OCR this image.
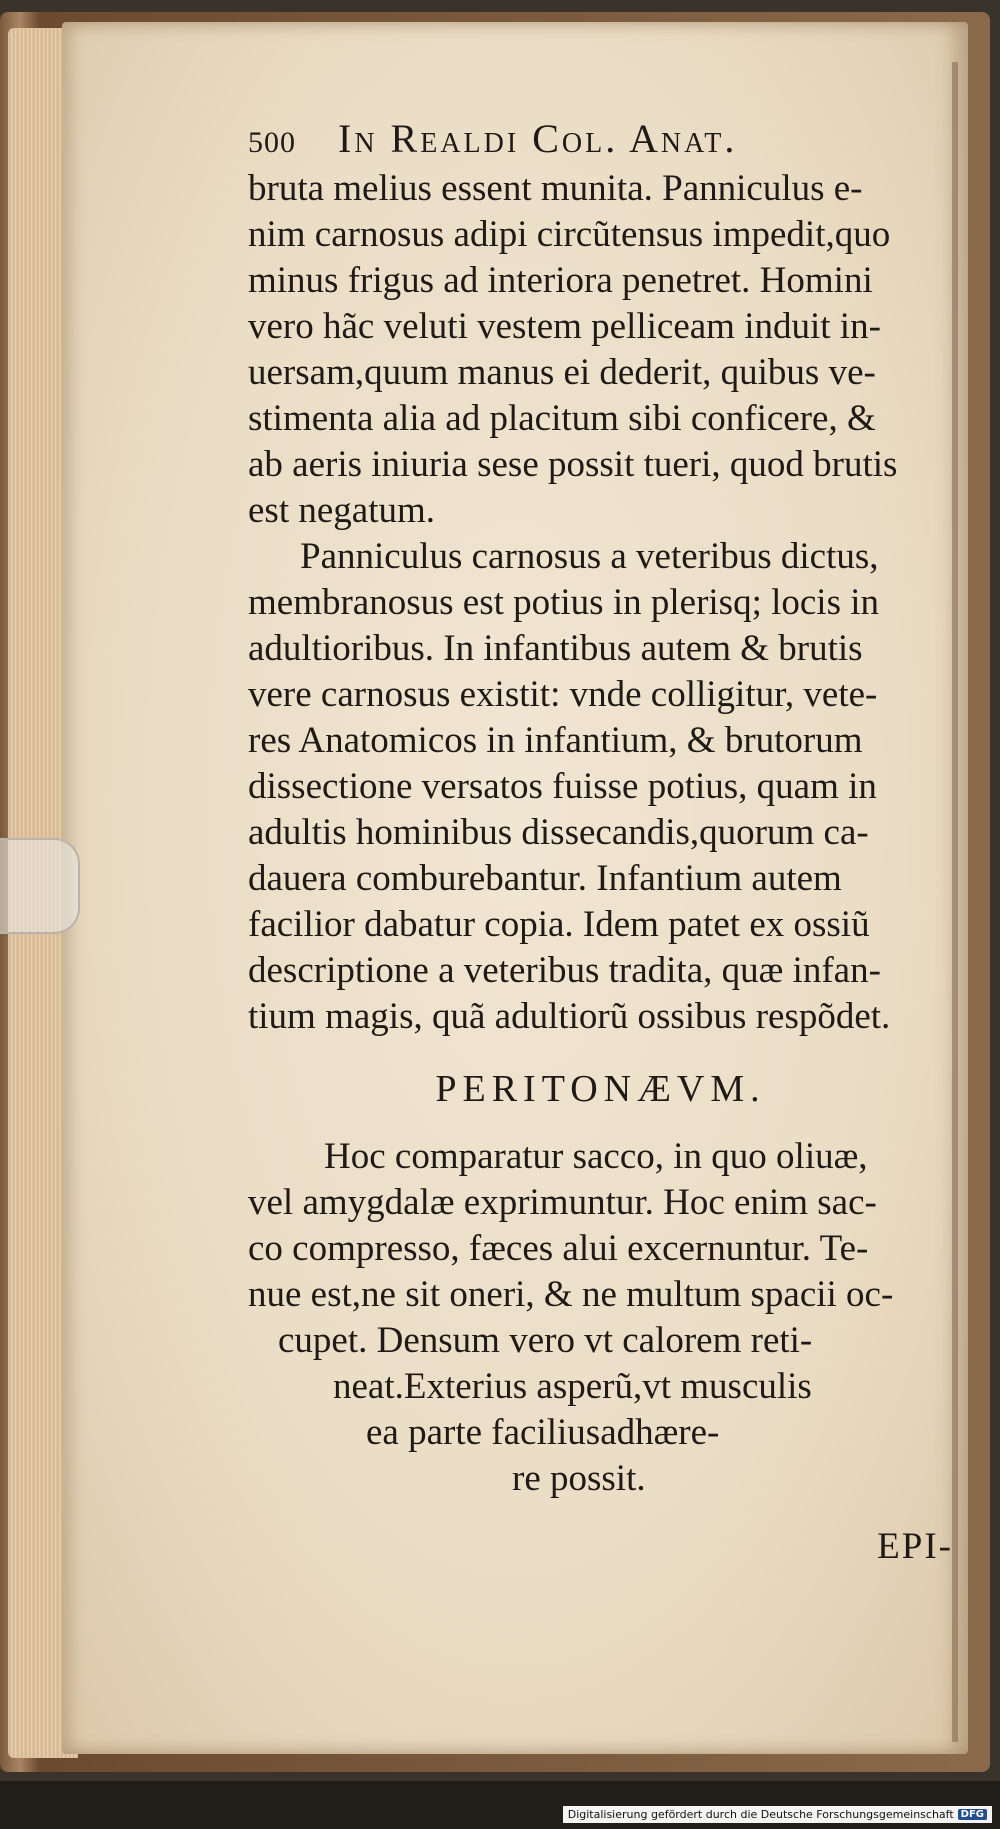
500	In Realdi Col. Anat.
bruta melius essent munita. Panniculus e-
nim carnosus adipi circũtensus impedit,quo
minus frigus ad interiora penetret. Homini
vero hãc veluti vestem pelliceam induit in-
uersam,quum manus ei dederit, quibus ve-
stimenta alia ad placitum sibi conficere, &
ab aeris iniuria sese possit tueri, quod brutis
est negatum.
Panniculus carnosus a veteribus dictus,
membranosus est potius in plerisq; locis in
adultioribus. In infantibus autem & brutis
vere carnosus existit: vnde colligitur, vete-
res Anatomicos in infantium, & brutorum
dissectione versatos fuisse potius, quam in
adultis hominibus dissecandis,quorum ca-
dauera comburebantur. Infantium autem
facilior dabatur copia. Idem patet ex ossiũ
descriptione a veteribus tradita, quæ infan-
tium magis, quã adultiorũ ossibus respõdet.
PERITONÆVM.
Hoc comparatur sacco, in quo oliuæ,
vel amygdalæ exprimuntur. Hoc enim sac-
co compresso, fæces alui excernuntur. Te-
nue est,ne sit oneri, & ne multum spacii oc-
cupet. Densum vero vt calorem reti-
neat.Exterius asperũ,vt musculis
ea parte faciliusadhære-
re possit.
EPI-
Digitalisierung gefördert durch die Deutsche Forschungsgemeinschaft DFG
